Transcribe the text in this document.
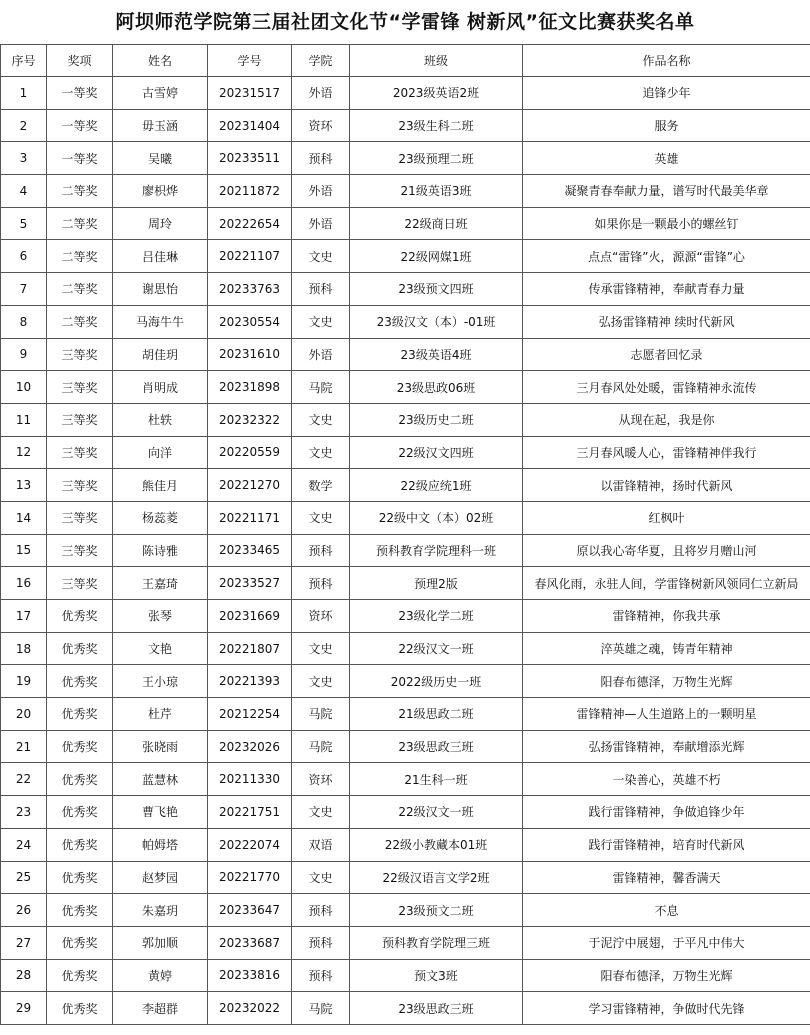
阿坝师范学院第三届社团文化节“学雷锋 树新风”征文比赛获奖名单
序号	奖项	姓名	学号	学院	班级	作品名称
1	一等奖	古雪婷	20231517	外语	2023级英语2班	追锋少年
2	一等奖	毋玉涵	20231404	资环	23级生科二班	服务
3	一等奖	吴曦	20233511	预科	23级预理二班	英雄
4	二等奖	廖枳烨	20211872	外语	21级英语3班	凝聚青春奉献力量，谱写时代最美华章
5	二等奖	周玲	20222654	外语	22级商日班	如果你是一颗最小的螺丝钉
6	二等奖	吕佳琳	20221107	文史	22级网媒1班	点点“雷锋”火，源源“雷锋”心
7	二等奖	谢思怡	20233763	预科	23级预文四班	传承雷锋精神，奉献青春力量
8	二等奖	马海牛牛	20230554	文史	23级汉文（本）-01班	弘扬雷锋精神 续时代新风
9	三等奖	胡佳玥	20231610	外语	23级英语4班	志愿者回忆录
10	三等奖	肖明成	20231898	马院	23级思政06班	三月春风处处暖，雷锋精神永流传
11	三等奖	杜轶	20232322	文史	23级历史二班	从现在起，我是你
12	三等奖	向洋	20220559	文史	22级汉文四班	三月春风暖人心，雷锋精神伴我行
13	三等奖	熊佳月	20221270	数学	22级应统1班	以雷锋精神，扬时代新风
14	三等奖	杨蕊菱	20221171	文史	22级中文（本）02班	红枫叶
15	三等奖	陈诗雅	20233465	预科	预科教育学院理科一班	原以我心寄华夏，且将岁月赠山河
16	三等奖	王嘉琦	20233527	预科	预理2版	春风化雨，永驻人间，学雷锋树新风领同仁立新局
17	优秀奖	张琴	20231669	资环	23级化学二班	雷锋精神，你我共承
18	优秀奖	文艳	20221807	文史	22级汉文一班	淬英雄之魂，铸青年精神
19	优秀奖	王小琼	20221393	文史	2022级历史一班	阳春布德泽，万物生光辉
20	优秀奖	杜芹	20212254	马院	21级思政二班	雷锋精神—人生道路上的一颗明星
21	优秀奖	张晓雨	20232026	马院	23级思政三班	弘扬雷锋精神，奉献增添光辉
22	优秀奖	蓝慧林	20211330	资环	21生科一班	一染善心，英雄不朽
23	优秀奖	曹飞艳	20221751	文史	22级汉文一班	践行雷锋精神，争做追锋少年
24	优秀奖	帕姆塔	20222074	双语	22级小教藏本01班	践行雷锋精神，培育时代新风
25	优秀奖	赵梦园	20221770	文史	22级汉语言文学2班	雷锋精神，馨香满天
26	优秀奖	朱嘉玥	20233647	预科	23级预文二班	不息
27	优秀奖	郭加顺	20233687	预科	预科教育学院理三班	于泥泞中展翅，于平凡中伟大
28	优秀奖	黄婷	20233816	预科	预文3班	阳春布德泽，万物生光辉
29	优秀奖	李超群	20232022	马院	23级思政三班	学习雷锋精神，争做时代先锋
